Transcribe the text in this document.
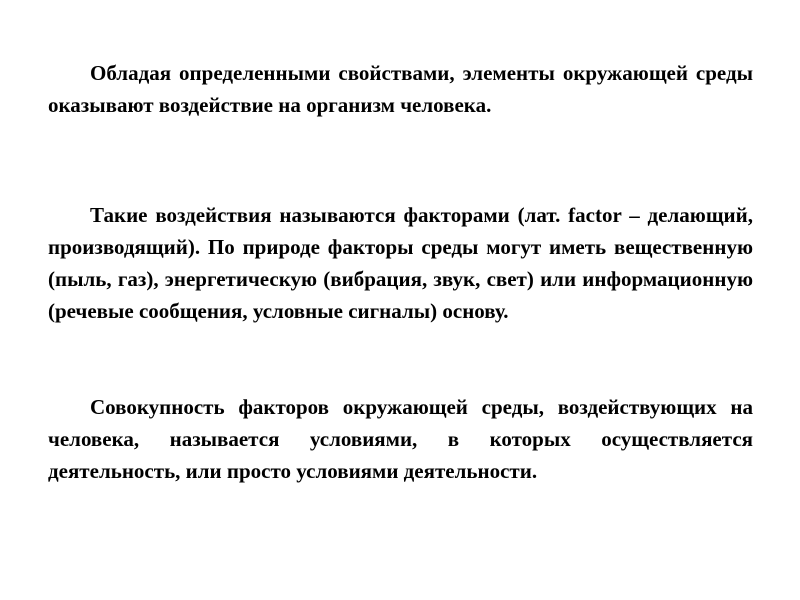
Обладая определенными свойствами, элементы окружающей среды оказывают воздействие на организм человека.

Такие воздействия называются факторами (лат. factor – делающий, производящий). По природе факторы среды могут иметь вещественную (пыль, газ), энергетическую (вибрация, звук, свет) или информационную (речевые сообщения, условные сигналы) основу.

Совокупность факторов окружающей среды, воздействующих на человека, называется условиями, в которых осуществляется деятельность, или просто условиями деятельности.
